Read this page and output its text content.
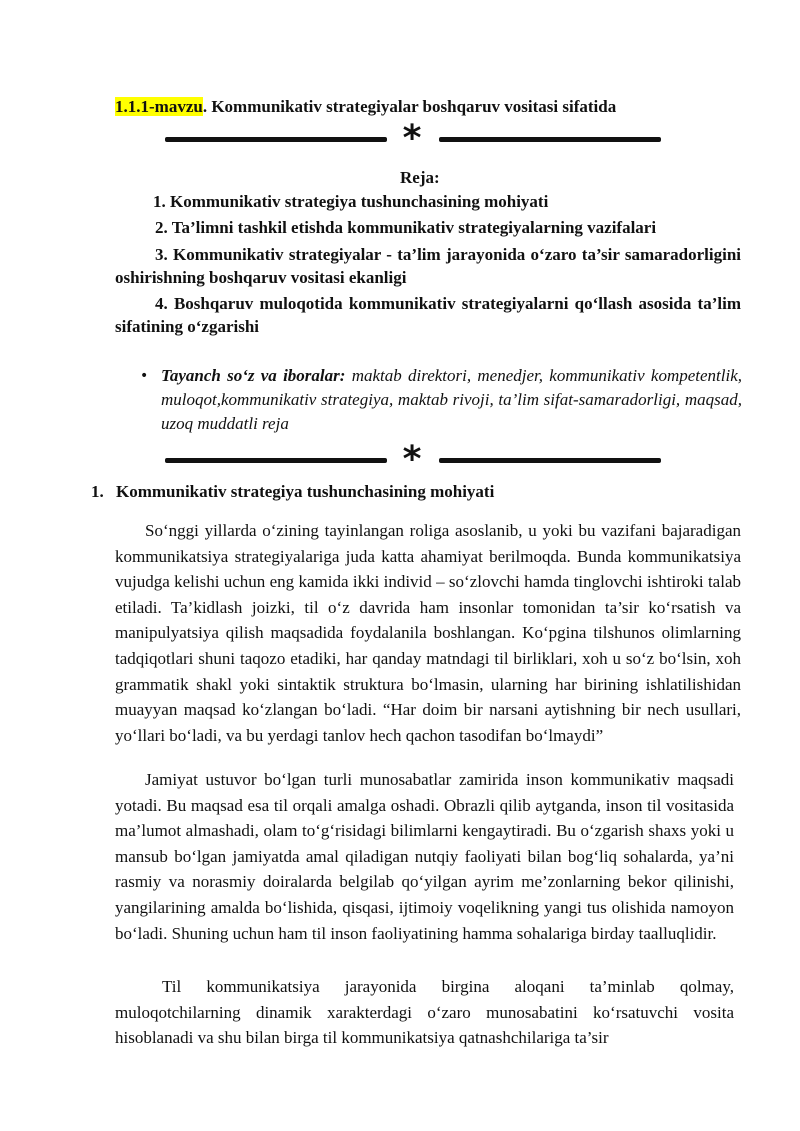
1.1.1-mavzu. Kommunikativ strategiyalar boshqaruv vositasi sifatida
*
Reja:
1. Kommunikativ strategiya tushunchasining mohiyati
2. Ta’limni tashkil etishda kommunikativ strategiyalarning vazifalari
3. Kommunikativ strategiyalar - ta’lim jarayonida o‘zaro ta’sir samaradorligini oshirishning boshqaruv vositasi ekanligi
4. Boshqaruv muloqotida kommunikativ strategiyalarni qo‘llash asosida ta’lim sifatining o‘zgarishi
• Tayanch so‘z va iboralar: maktab direktori, menedjer, kommunikativ kompetentlik, muloqot,kommunikativ strategiya, maktab rivoji, ta’lim sifat-samaradorligi, maqsad, uzoq muddatli reja
*
1. Kommunikativ strategiya tushunchasining mohiyati

So‘nggi yillarda o‘zining tayinlangan roliga asoslanib, u yoki bu vazifani bajaradigan kommunikatsiya strategiyalariga juda katta ahamiyat berilmoqda. Bunda kommunikatsiya vujudga kelishi uchun eng kamida ikki individ – so‘zlovchi hamda tinglovchi ishtiroki talab etiladi. Ta’kidlash joizki, til o‘z davrida ham insonlar tomonidan ta’sir ko‘rsatish va manipulyatsiya qilish maqsadida foydalanila boshlangan. Ko‘pgina tilshunos olimlarning tadqiqotlari shuni taqozo etadiki, har qanday matndagi til birliklari, xoh u so‘z bo‘lsin, xoh grammatik shakl yoki sintaktik struktura bo‘lmasin, ularning har birining ishlatilishidan muayyan maqsad ko‘zlangan bo‘ladi. “Har doim bir narsani aytishning bir nech usullari, yo‘llari bo‘ladi, va bu yerdagi tanlov hech qachon tasodifan bo‘lmaydi”

Jamiyat ustuvor bo‘lgan turli munosabatlar zamirida inson kommunikativ maqsadi yotadi. Bu maqsad esa til orqali amalga oshadi. Obrazli qilib aytganda, inson til vositasida ma’lumot almashadi, olam to‘g‘risidagi bilimlarni kengaytiradi. Bu o‘zgarish shaxs yoki u mansub bo‘lgan jamiyatda amal qiladigan nutqiy faoliyati bilan bog‘liq sohalarda, ya’ni rasmiy va norasmiy doiralarda belgilab qo‘yilgan ayrim me’zonlarning bekor qilinishi, yangilarining amalda bo‘lishida, qisqasi, ijtimoiy voqelikning yangi tus olishida namoyon bo‘ladi. Shuning uchun ham til inson faoliyatining hamma sohalariga birday taalluqlidir.

Til kommunikatsiya jarayonida birgina aloqani ta’minlab qolmay, muloqotchilarning dinamik xarakterdagi o‘zaro munosabatini ko‘rsatuvchi vosita hisoblanadi va shu bilan birga til kommunikatsiya qatnashchilariga ta’sir
